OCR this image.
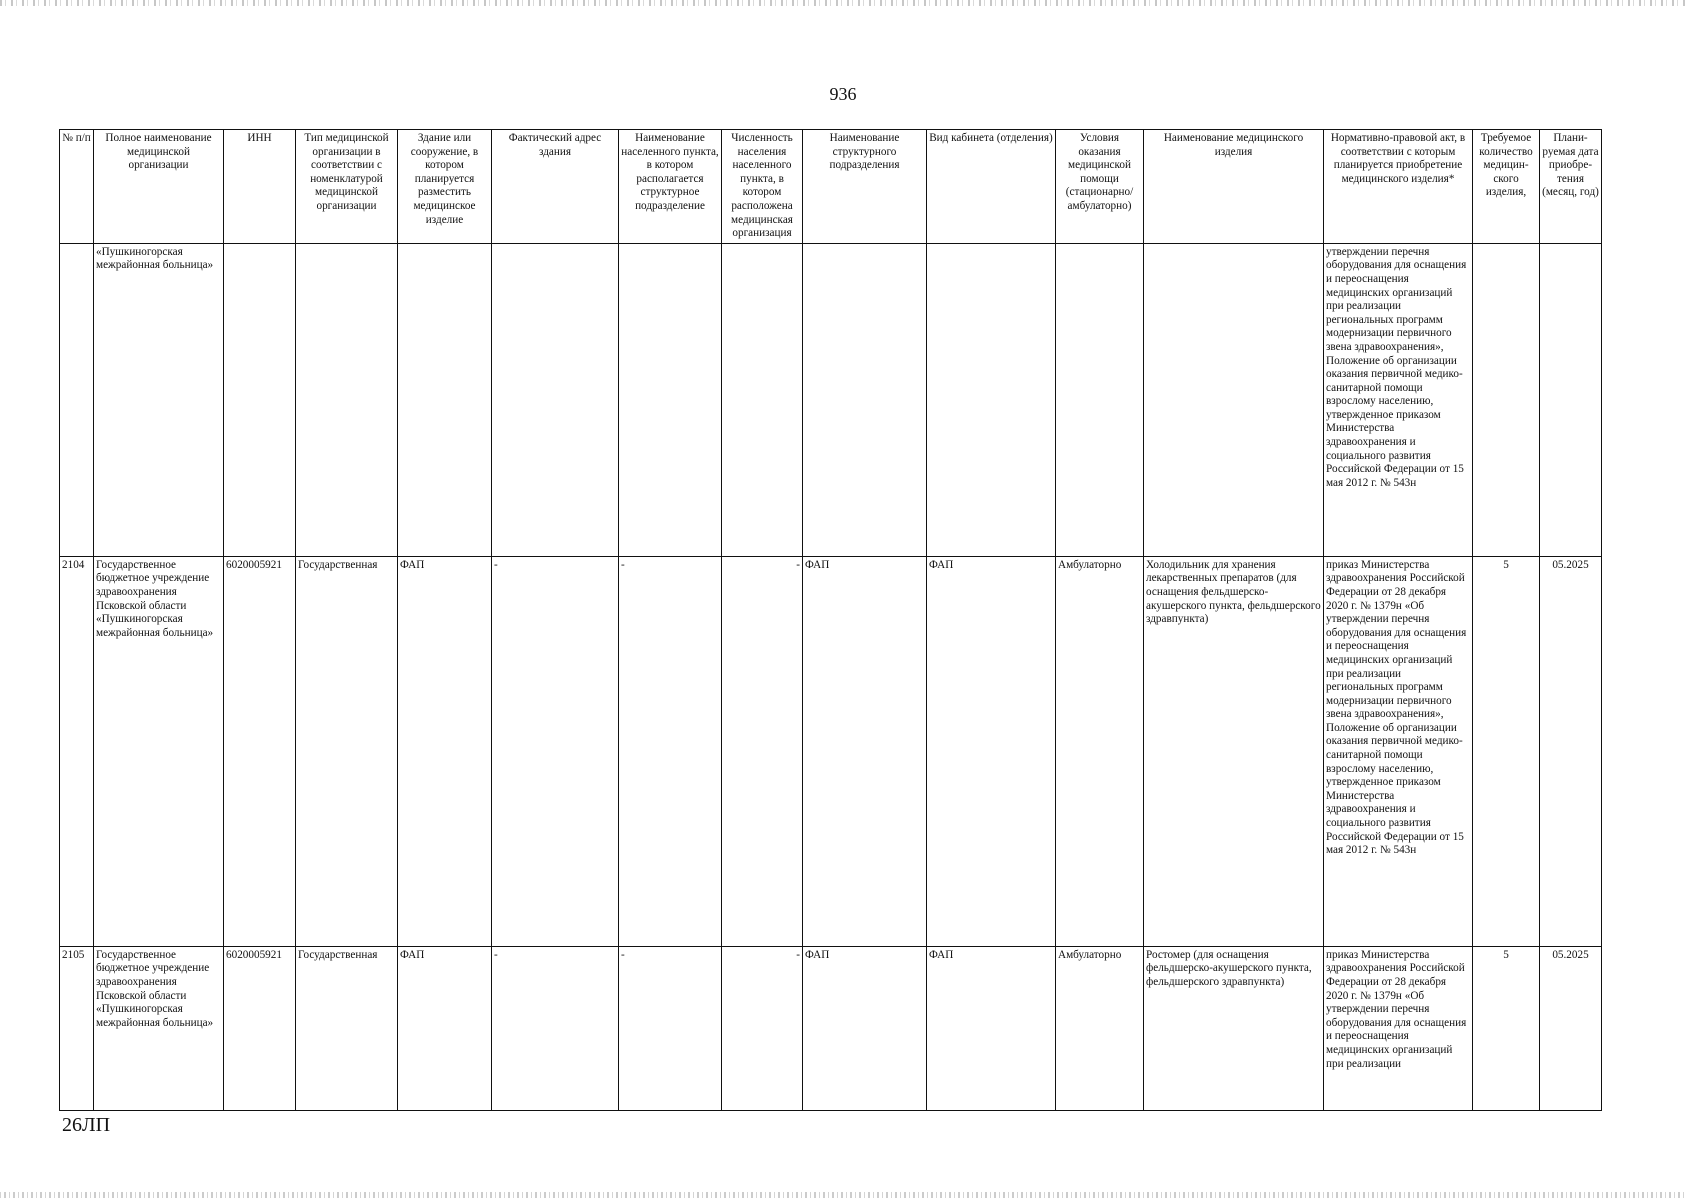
936
№ п/п	Полное наименование медицинской организации	ИНН	Тип медицинской организации в соответствии с номенклатурой медицинской организации	Здание или сооружение, в котором планируется разместить медицинское изделие	Фактический адрес здания	Наименование населенного пункта, в котором располагается структурное подразделение	Численность населения населенного пункта, в котором расположена медицинская организация	Наименование структурного подразделения	Вид кабинета (отделения)	Условия оказания медицинской помощи (стационарно/ амбулаторно)	Наименование медицинского изделия	Нормативно-правовой акт, в соответствии с которым планируется приобретение медицинского изделия*	Требуемое количество медицин-ского изделия,	Плани-руемая дата приобре-тения (месяц, год)
	«Пушкиногорская межрайонная больница»											утверждении перечня оборудования для оснащения и переоснащения медицинских организаций при реализации региональных программ модернизации первичного звена здравоохранения», Положение об организации оказания первичной медико-санитарной помощи взрослому населению, утвержденное приказом Министерства здравоохранения и социального развития Российской Федерации от 15 мая 2012 г. № 543н		
2104	Государственное бюджетное учреждение здравоохранения Псковской области «Пушкиногорская межрайонная больница»	6020005921	Государственная	ФАП	-	-	-	ФАП	ФАП	Амбулаторно	Холодильник для хранения лекарственных препаратов (для оснащения фельдшерско-акушерского пункта, фельдшерского здравпункта)	приказ Министерства здравоохранения Российской Федерации от 28 декабря 2020 г. № 1379н «Об утверждении перечня оборудования для оснащения и переоснащения медицинских организаций при реализации региональных программ модернизации первичного звена здравоохранения», Положение об организации оказания первичной медико-санитарной помощи взрослому населению, утвержденное приказом Министерства здравоохранения и социального развития Российской Федерации от 15 мая 2012 г. № 543н	5	05.2025
2105	Государственное бюджетное учреждение здравоохранения Псковской области «Пушкиногорская межрайонная больница»	6020005921	Государственная	ФАП	-	-	-	ФАП	ФАП	Амбулаторно	Ростомер (для оснащения фельдшерско-акушерского пункта, фельдшерского здравпункта)	приказ Министерства здравоохранения Российской Федерации от 28 декабря 2020 г. № 1379н «Об утверждении перечня оборудования для оснащения и переоснащения медицинских организаций при реализации	5	05.2025
26ЛП
